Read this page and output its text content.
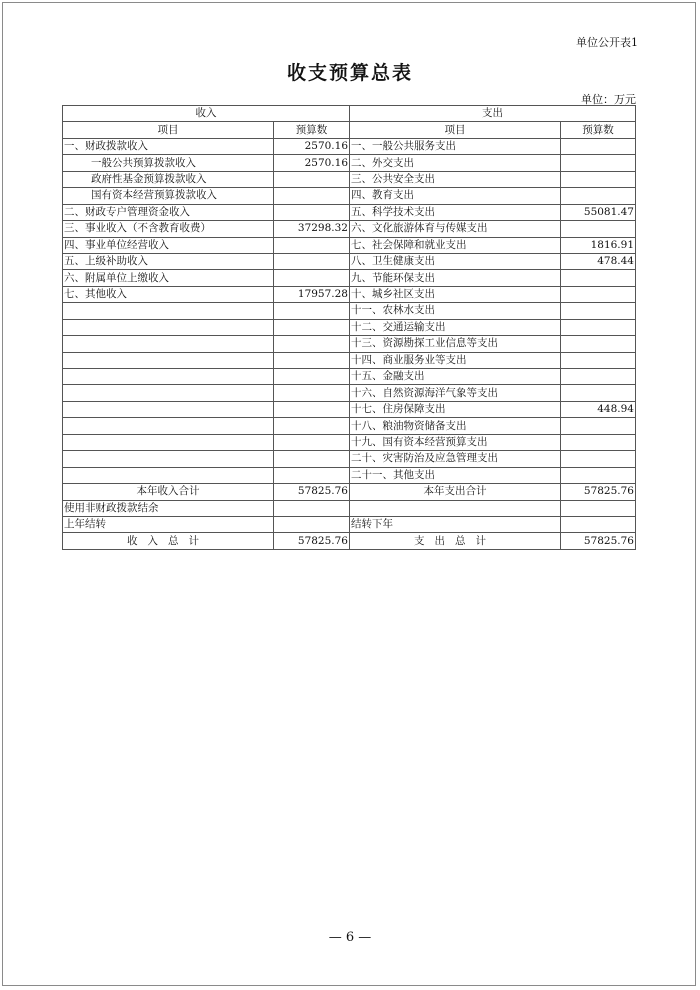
单位公开表1
收支预算总表
单位：万元
收入		支出	
项目	预算数	项目	预算数
一、财政拨款收入	2570.16	一、一般公共服务支出	
一般公共预算拨款收入	2570.16	二、外交支出	
政府性基金预算拨款收入		三、公共安全支出	
国有资本经营预算拨款收入		四、教育支出	
二、财政专户管理资金收入		五、科学技术支出	55081.47
三、事业收入（不含教育收费）	37298.32	六、文化旅游体育与传媒支出	
四、事业单位经营收入		七、社会保障和就业支出	1816.91
五、上级补助收入		八、卫生健康支出	478.44
六、附属单位上缴收入		九、节能环保支出	
七、其他收入	17957.28	十、城乡社区支出	
		十一、农林水支出	
		十二、交通运输支出	
		十三、资源勘探工业信息等支出	
		十四、商业服务业等支出	
		十五、金融支出	
		十六、自然资源海洋气象等支出	
		十七、住房保障支出	448.94
		十八、粮油物资储备支出	
		十九、国有资本经营预算支出	
		二十、灾害防治及应急管理支出	
		二十一、其他支出	
本年收入合计	57825.76	本年支出合计	57825.76
使用非财政拨款结余			
上年结转		结转下年	
收入总计	57825.76	支出总计	57825.76
— 6 —
